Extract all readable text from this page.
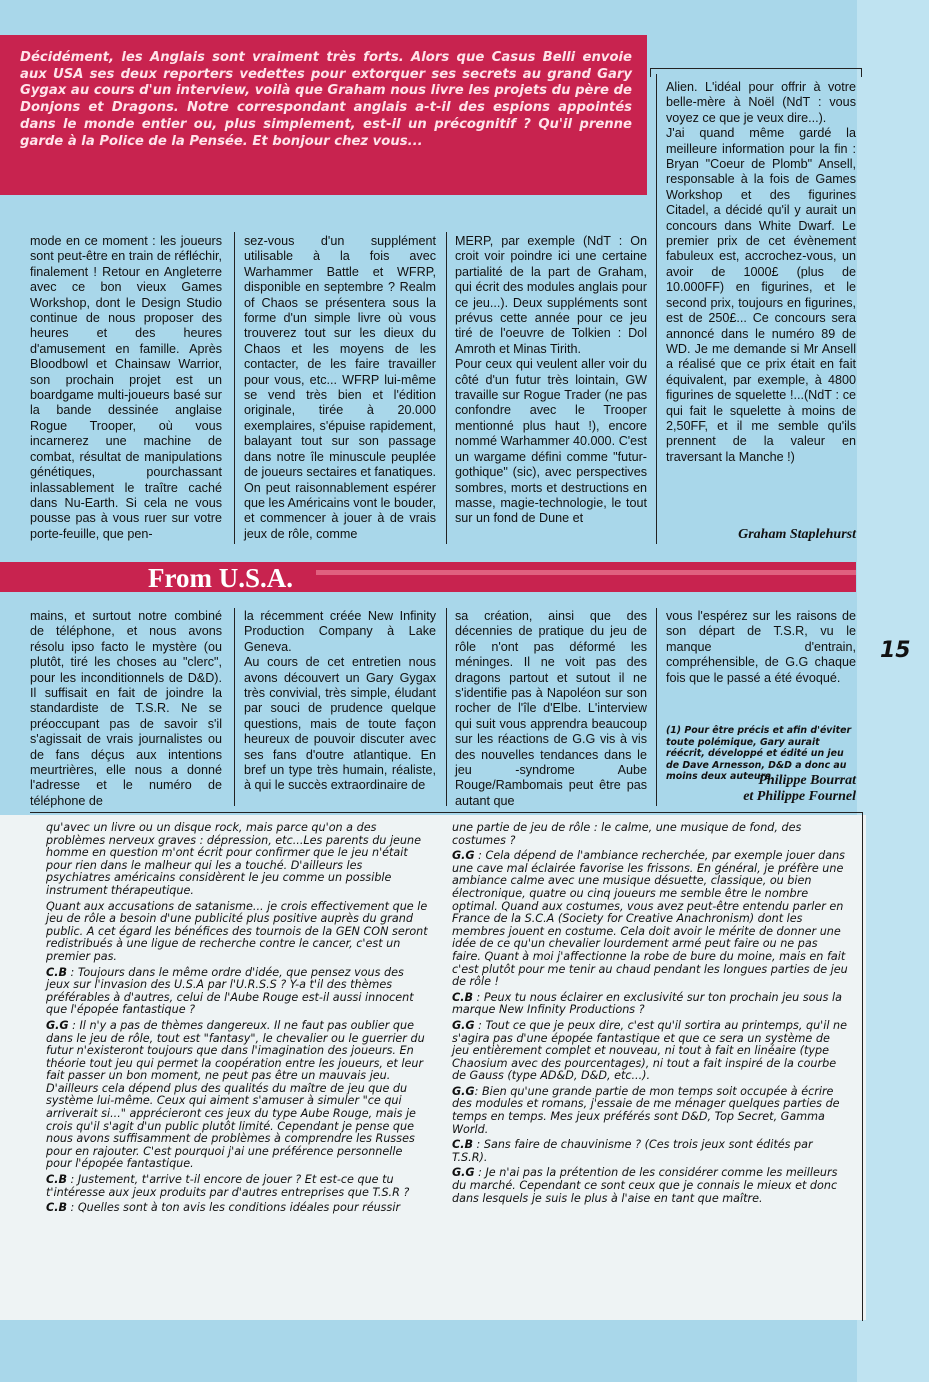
Décidément, les Anglais sont vraiment très forts. Alors que Casus Belli envoie aux USA ses deux reporters vedettes pour extorquer ses secrets au grand Gary Gygax au cours d'un interview, voilà que Graham nous livre les projets du père de Donjons et Dragons. Notre correspondant anglais a-t-il des espions appointés dans le monde entier ou, plus simplement, est-il un précognitif ? Qu'il prenne garde à la Police de la Pensée. Et bonjour chez vous...

mode en ce moment : les joueurs sont peut-être en train de réfléchir, finalement ! Retour en Angleterre avec ce bon vieux Games Workshop, dont le Design Studio continue de nous proposer des heures et des heures d'amusement en famille. Après Bloodbowl et Chainsaw Warrior, son prochain projet est un boardgame multi-joueurs basé sur la bande dessinée anglaise Rogue Trooper, où vous incarnerez une machine de combat, résultat de manipulations génétiques, pourchassant inlassablement le traître caché dans Nu-Earth. Si cela ne vous pousse pas à vous ruer sur votre porte-feuille, que pen-

sez-vous d'un supplément utilisable à la fois avec Warhammer Battle et WFRP, disponible en septembre ? Realm of Chaos se présentera sous la forme d'un simple livre où vous trouverez tout sur les dieux du Chaos et les moyens de les contacter, de les faire travailler pour vous, etc... WFRP lui-même se vend très bien et l'édition originale, tirée à 20.000 exemplaires, s'épuise rapidement, balayant tout sur son passage dans notre île minuscule peuplée de joueurs sectaires et fanatiques. On peut raisonnablement espérer que les Américains vont le bouder, et commencer à jouer à de vrais jeux de rôle, comme

MERP, par exemple (NdT : On croit voir poindre ici une certaine partialité de la part de Graham, qui écrit des modules anglais pour ce jeu...). Deux suppléments sont prévus cette année pour ce jeu tiré de l'oeuvre de Tolkien : Dol Amroth et Minas Tirith.

Pour ceux qui veulent aller voir du côté d'un futur très lointain, GW travaille sur Rogue Trader (ne pas confondre avec le Trooper mentionné plus haut !), encore nommé Warhammer 40.000. C'est un wargame défini comme "futur-gothique" (sic), avec perspectives sombres, morts et destructions en masse, magie-technologie, le tout sur un fond de Dune et

Alien. L'idéal pour offrir à votre belle-mère à Noël (NdT : vous voyez ce que je veux dire...).

J'ai quand même gardé la meilleure information pour la fin : Bryan "Coeur de Plomb" Ansell, responsable à la fois de Games Workshop et des figurines Citadel, a décidé qu'il y aurait un concours dans White Dwarf. Le premier prix de cet évènement fabuleux est, accrochez-vous, un avoir de 1000£ (plus de 10.000FF) en figurines, et le second prix, toujours en figurines, est de 250£... Ce concours sera annoncé dans le numéro 89 de WD. Je me demande si Mr Ansell a réalisé que ce prix était en fait équivalent, par exemple, à 4800 figurines de squelette !...(NdT : ce qui fait le squelette à moins de 2,50FF, et il me semble qu'ils prennent de la valeur en traversant la Manche !)

Graham Staplehurst

From U.S.A.

mains, et surtout notre combiné de téléphone, et nous avons résolu ipso facto le mystère (ou plutôt, tiré les choses au "clerc", pour les inconditionnels de D&D). Il suffisait en fait de joindre la standardiste de T.S.R. Ne se préoccupant pas de savoir s'il s'agissait de vrais journalistes ou de fans déçus aux intentions meurtrières, elle nous a donné l'adresse et le numéro de téléphone de

la récemment créée New Infinity Production Company à Lake Geneva.

Au cours de cet entretien nous avons découvert un Gary Gygax très convivial, très simple, éludant par souci de prudence quelque questions, mais de toute façon heureux de pouvoir discuter avec ses fans d'outre atlantique. En bref un type très humain, réaliste, à qui le succès extraordinaire de

sa création, ainsi que des décennies de pratique du jeu de rôle n'ont pas déformé les méninges. Il ne voit pas des dragons partout et sutout il ne s'identifie pas à Napoléon sur son rocher de l'île d'Elbe. L'interview qui suit vous apprendra beaucoup sur les réactions de G.G vis à vis des nouvelles tendances dans le jeu -syndrome Aube Rouge/Rambomais peut être pas autant que

vous l'espérez sur les raisons de son départ de T.S.R, vu le manque d'entrain, compréhensible, de G.G chaque fois que le passé a été évoqué.

(1) Pour être précis et afin d'éviter toute polémique, Gary aurait réécrit, développé et édité un jeu de Dave Arnesson, D&D a donc au moins deux auteurs.

Philippe Bourrat

et Philippe Fournel

qu'avec un livre ou un disque rock, mais parce qu'on a des problèmes nerveux graves : dépression, etc...Les parents du jeune homme en question m'ont écrit pour confirmer que le jeu n'était pour rien dans le malheur qui les a touché. D'ailleurs les psychiatres américains considèrent le jeu comme un possible instrument thérapeutique.

Quant aux accusations de satanisme... je crois effectivement que le jeu de rôle a besoin d'une publicité plus positive auprès du grand public. A cet égard les bénéfices des tournois de la GEN CON seront redistribués à une ligue de recherche contre le cancer, c'est un premier pas.

C.B : Toujours dans le même ordre d'idée, que pensez vous des jeux sur l'invasion des U.S.A par l'U.R.S.S ? Y-a t'il des thèmes préférables à d'autres, celui de l'Aube Rouge est-il aussi innocent que l'épopée fantastique ?

G.G : Il n'y a pas de thèmes dangereux. Il ne faut pas oublier que dans le jeu de rôle, tout est "fantasy", le chevalier ou le guerrier du futur n'existeront toujours que dans l'imagination des joueurs. En théorie tout jeu qui permet la coopération entre les joueurs, et leur fait passer un bon moment, ne peut pas être un mauvais jeu. D'ailleurs cela dépend plus des qualités du maître de jeu que du système lui-même. Ceux qui aiment s'amuser à simuler "ce qui arriverait si..." apprécieront ces jeux du type Aube Rouge, mais je crois qu'il s'agit d'un public plutôt limité. Cependant je pense que nous avons suffisamment de problèmes à comprendre les Russes pour en rajouter. C'est pourquoi j'ai une préférence personnelle pour l'épopée fantastique.

C.B : Justement, t'arrive t-il encore de jouer ? Et est-ce que tu t'intéresse aux jeux produits par d'autres entreprises que T.S.R ?

C.B : Quelles sont à ton avis les conditions idéales pour réussir

une partie de jeu de rôle : le calme, une musique de fond, des costumes ?

G.G : Cela dépend de l'ambiance recherchée, par exemple jouer dans une cave mal éclairée favorise les frissons. En général, je préfère une ambiance calme avec une musique désuette, classique, ou bien électronique, quatre ou cinq joueurs me semble être le nombre optimal. Quand aux costumes, vous avez peut-être entendu parler en France de la S.C.A (Society for Creative Anachronism) dont les membres jouent en costume. Cela doit avoir le mérite de donner une idée de ce qu'un chevalier lourdement armé peut faire ou ne pas faire. Quant à moi j'affectionne la robe de bure du moine, mais en fait c'est plutôt pour me tenir au chaud pendant les longues parties de jeu de rôle !

C.B : Peux tu nous éclairer en exclusivité sur ton prochain jeu sous la marque New Infinity Productions ?

G.G : Tout ce que je peux dire, c'est qu'il sortira au printemps, qu'il ne s'agira pas d'une épopée fantastique et que ce sera un système de jeu entièrement complet et nouveau, ni tout à fait en linéaire (type Chaosium avec des pourcentages), ni tout a fait inspiré de la courbe de Gauss (type AD&D, D&D, etc...).

G.G: Bien qu'une grande partie de mon temps soit occupée à écrire des modules et romans, j'essaie de me ménager quelques parties de temps en temps. Mes jeux préférés sont D&D, Top Secret, Gamma World.

C.B : Sans faire de chauvinisme ? (Ces trois jeux sont édités par T.S.R).

G.G : Je n'ai pas la prétention de les considérer comme les meilleurs du marché. Cependant ce sont ceux que je connais le mieux et donc dans lesquels je suis le plus à l'aise en tant que maître.

15
